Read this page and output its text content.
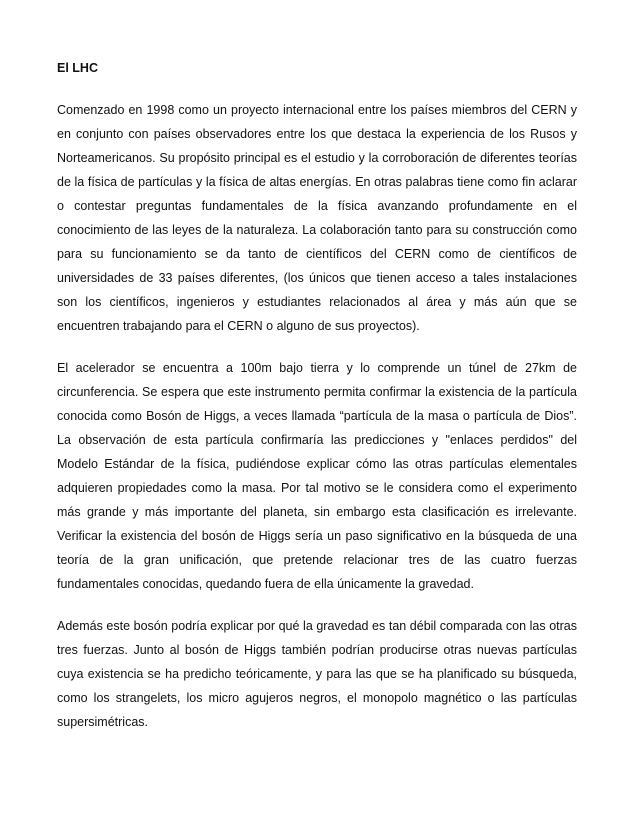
El LHC

Comenzado en 1998 como un proyecto internacional entre los países miembros del CERN y en conjunto con países observadores entre los que destaca la experiencia de los Rusos y Norteamericanos. Su propósito principal es el estudio y la corroboración de diferentes teorías de la física de partículas y la física de altas energías. En otras palabras tiene como fin aclarar o contestar preguntas fundamentales de la física avanzando profundamente en el conocimiento de las leyes de la naturaleza. La colaboración tanto para su construcción como para su funcionamiento se da tanto de científicos del CERN como de científicos de universidades de 33 países diferentes, (los únicos que tienen acceso a tales instalaciones son los científicos, ingenieros y estudiantes relacionados al área y más aún que se encuentren trabajando para el CERN o alguno de sus proyectos).

El acelerador se encuentra a 100m bajo tierra y lo comprende un túnel de 27km de circunferencia. Se espera que este instrumento permita confirmar la existencia de la partícula conocida como Bosón de Higgs, a veces llamada “partícula de la masa o partícula de Dios”. La observación de esta partícula confirmaría las predicciones y "enlaces perdidos" del Modelo Estándar de la física, pudiéndose explicar cómo las otras partículas elementales adquieren propiedades como la masa. Por tal motivo se le considera como el experimento más grande y más importante del planeta, sin embargo esta clasificación es irrelevante. Verificar la existencia del bosón de Higgs sería un paso significativo en la búsqueda de una teoría de la gran unificación, que pretende relacionar tres de las cuatro fuerzas fundamentales conocidas, quedando fuera de ella únicamente la gravedad.

Además este bosón podría explicar por qué la gravedad es tan débil comparada con las otras tres fuerzas. Junto al bosón de Higgs también podrían producirse otras nuevas partículas cuya existencia se ha predicho teóricamente, y para las que se ha planificado su búsqueda, como los strangelets, los micro agujeros negros, el monopolo magnético o las partículas supersimétricas.
